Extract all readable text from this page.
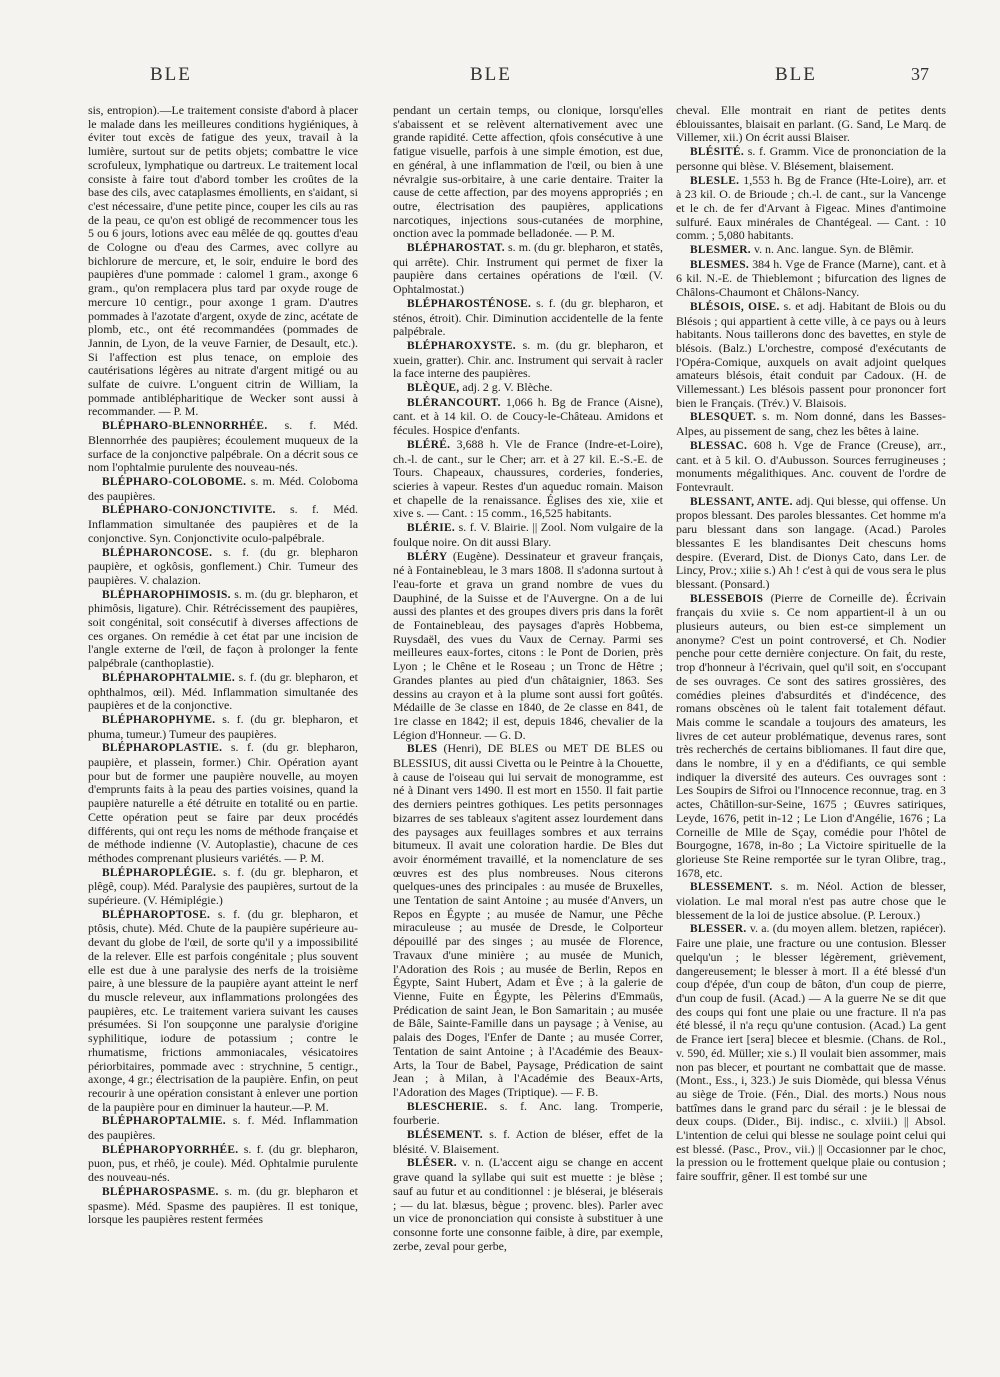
BLE	BLE	BLE	37

sis, entropion).—Le traitement consiste d'abord à placer le malade dans les meilleures conditions hygiéniques, à éviter tout excès de fatigue des yeux, travail à la lumière, surtout sur de petits objets; combattre le vice scrofuleux, lymphatique ou dartreux. Le traitement local consiste à faire tout d'abord tomber les croûtes de la base des cils, avec cataplasmes émollients, en s'aidant, si c'est nécessaire, d'une petite pince, couper les cils au ras de la peau, ce qu'on est obligé de recommencer tous les 5 ou 6 jours, lotions avec eau mêlée de qq. gouttes d'eau de Cologne ou d'eau des Carmes, avec collyre au bichlorure de mercure, et, le soir, enduire le bord des paupières d'une pommade : calomel 1 gram., axonge 6 gram., qu'on remplacera plus tard par oxyde rouge de mercure 10 centigr., pour axonge 1 gram. D'autres pommades à l'azotate d'argent, oxyde de zinc, acétate de plomb, etc., ont été recommandées (pommades de Jannin, de Lyon, de la veuve Farnier, de Desault, etc.). Si l'affection est plus tenace, on emploie des cautérisations légères au nitrate d'argent mitigé ou au sulfate de cuivre. L'onguent citrin de William, la pommade antiblépharitique de Wecker sont aussi à recommander. — P. M.

BLÉPHARO-BLENNORRHÉE. s. f. Méd. Blennorrhée des paupières; écoulement muqueux de la surface de la conjonctive palpébrale. On a décrit sous ce nom l'ophtalmie purulente des nouveau-nés.

BLÉPHARO-COLOBOME. s. m. Méd. Coloboma des paupières.

BLÉPHARO-CONJONCTIVITE. s. f. Méd. Inflammation simultanée des paupières et de la conjonctive. Syn. Conjonctivite oculo-palpébrale.

BLÉPHARONCOSE. s. f. (du gr. blepharon paupière, et ogkôsis, gonflement.) Chir. Tumeur des paupières. V. chalazion.

BLÉPHAROPHIMOSIS. s. m. (du gr. blepharon, et phimôsis, ligature). Chir. Rétrécissement des paupières, soit congénital, soit consécutif à diverses affections de ces organes. On remédie à cet état par une incision de l'angle externe de l'œil, de façon à prolonger la fente palpébrale (canthoplastie).

BLÉPHAROPHTALMIE. s. f. (du gr. blepharon, et ophthalmos, œil). Méd. Inflammation simultanée des paupières et de la conjonctive.

BLÉPHAROPHYME. s. f. (du gr. blepharon, et phuma, tumeur.) Tumeur des paupières.

BLÉPHAROPLASTIE. s. f. (du gr. blepharon, paupière, et plassein, former.) Chir. Opération ayant pour but de former une paupière nouvelle, au moyen d'emprunts faits à la peau des parties voisines, quand la paupière naturelle a été détruite en totalité ou en partie. Cette opération peut se faire par deux procédés différents, qui ont reçu les noms de méthode française et de méthode indienne (V. Autoplastie), chacune de ces méthodes comprenant plusieurs variétés. — P. M.

BLÉPHAROPLÉGIE. s. f. (du gr. blepharon, et plêgê, coup). Méd. Paralysie des paupières, surtout de la supérieure. (V. Hémiplégie.)

BLÉPHAROPTOSE. s. f. (du gr. blepharon, et ptôsis, chute). Méd. Chute de la paupière supérieure au-devant du globe de l'œil, de sorte qu'il y a impossibilité de la relever. Elle est parfois congénitale ; plus souvent elle est due à une paralysie des nerfs de la troisième paire, à une blessure de la paupière ayant atteint le nerf du muscle releveur, aux inflammations prolongées des paupières, etc. Le traitement variera suivant les causes présumées. Si l'on soupçonne une paralysie d'origine syphilitique, iodure de potassium ; contre le rhumatisme, frictions ammoniacales, vésicatoires périorbitaires, pommade avec : strychnine, 5 centigr., axonge, 4 gr.; électrisation de la paupière. Enfin, on peut recourir à une opération consistant à enlever une portion de la paupière pour en diminuer la hauteur.—P. M.

BLÉPHAROPTALMIE. s. f. Méd. Inflammation des paupières.

BLÉPHAROPYORRHÉE. s. f. (du gr. blepharon, puon, pus, et rhéô, je coule). Méd. Ophtalmie purulente des nouveau-nés.

BLÉPHAROSPASME. s. m. (du gr. blepharon et spasme). Méd. Spasme des paupières. Il est tonique, lorsque les paupières restent fermées

pendant un certain temps, ou clonique, lorsqu'elles s'abaissent et se relèvent alternativement avec une grande rapidité. Cette affection, qfois consécutive à une fatigue visuelle, parfois à une simple émotion, est due, en général, à une inflammation de l'œil, ou bien à une névralgie sus-orbitaire, à une carie dentaire. Traiter la cause de cette affection, par des moyens appropriés ; en outre, électrisation des paupières, applications narcotiques, injections sous-cutanées de morphine, onction avec la pommade belladonée. — P. M.

BLÉPHAROSTAT. s. m. (du gr. blepharon, et statês, qui arrête). Chir. Instrument qui permet de fixer la paupière dans certaines opérations de l'œil. (V. Ophtalmostat.)

BLÉPHAROSTÉNOSE. s. f. (du gr. blepharon, et sténos, étroit). Chir. Diminution accidentelle de la fente palpébrale.

BLÉPHAROXYSTE. s. m. (du gr. blepharon, et xuein, gratter). Chir. anc. Instrument qui servait à racler la face interne des paupières.

BLÈQUE, adj. 2 g. V. Blèche.

BLÉRANCOURT. 1,066 h. Bg de France (Aisne), cant. et à 14 kil. O. de Coucy-le-Château. Amidons et fécules. Hospice d'enfants.

BLÉRÉ. 3,688 h. Vle de France (Indre-et-Loire), ch.-l. de cant., sur le Cher; arr. et à 27 kil. E.-S.-E. de Tours. Chapeaux, chaussures, corderies, fonderies, scieries à vapeur. Restes d'un aqueduc romain. Maison et chapelle de la renaissance. Églises des xie, xiie et xive s. — Cant. : 15 comm., 16,525 habitants.

BLÉRIE. s. f. V. Blairie. || Zool. Nom vulgaire de la foulque noire. On dit aussi Blary.

BLÉRY (Eugène). Dessinateur et graveur français, né à Fontainebleau, le 3 mars 1808. Il s'adonna surtout à l'eau-forte et grava un grand nombre de vues du Dauphiné, de la Suisse et de l'Auvergne. On a de lui aussi des plantes et des groupes divers pris dans la forêt de Fontainebleau, des paysages d'après Hobbema, Ruysdaël, des vues du Vaux de Cernay. Parmi ses meilleures eaux-fortes, citons : le Pont de Dorien, près Lyon ; le Chêne et le Roseau ; un Tronc de Hêtre ; Grandes plantes au pied d'un châtaignier, 1863. Ses dessins au crayon et à la plume sont aussi fort goûtés. Médaille de 3e classe en 1840, de 2e classe en 841, de 1re classe en 1842; il est, depuis 1846, chevalier de la Légion d'Honneur. — G. D.

BLES (Henri), DE BLES ou MET DE BLES ou BLESSIUS, dit aussi Civetta ou le Peintre à la Chouette, à cause de l'oiseau qui lui servait de monogramme, est né à Dinant vers 1490. Il est mort en 1550. Il fait partie des derniers peintres gothiques. Les petits personnages bizarres de ses tableaux s'agitent assez lourdement dans des paysages aux feuillages sombres et aux terrains bitumeux. Il avait une coloration hardie. De Bles dut avoir énormément travaillé, et la nomenclature de ses œuvres est des plus nombreuses. Nous citerons quelques-unes des principales : au musée de Bruxelles, une Tentation de saint Antoine ; au musée d'Anvers, un Repos en Égypte ; au musée de Namur, une Pêche miraculeuse ; au musée de Dresde, le Colporteur dépouillé par des singes ; au musée de Florence, Travaux d'une minière ; au musée de Munich, l'Adoration des Rois ; au musée de Berlin, Repos en Égypte, Saint Hubert, Adam et Ève ; à la galerie de Vienne, Fuite en Égypte, les Pèlerins d'Emmaüs, Prédication de saint Jean, le Bon Samaritain ; au musée de Bâle, Sainte-Famille dans un paysage ; à Venise, au palais des Doges, l'Enfer de Dante ; au musée Correr, Tentation de saint Antoine ; à l'Académie des Beaux-Arts, la Tour de Babel, Paysage, Prédication de saint Jean ; à Milan, à l'Académie des Beaux-Arts, l'Adoration des Mages (Triptique). — F. B.

BLESCHERIE. s. f. Anc. lang. Tromperie, fourberie.

BLÉSEMENT. s. f. Action de bléser, effet de la blésité. V. Blaisement.

BLÉSER. v. n. (L'accent aigu se change en accent grave quand la syllabe qui suit est muette : je blèse ; sauf au futur et au conditionnel : je bléserai, je bléserais ; — du lat. blæsus, bègue ; provenc. bles). Parler avec un vice de prononciation qui consiste à substituer à une consonne forte une consonne faible, à dire, par exemple, zerbe, zeval pour gerbe,

cheval. Elle montrait en riant de petites dents éblouissantes, blaisait en parlant. (G. Sand, Le Marq. de Villemer, xii.) On écrit aussi Blaiser.

BLÉSITÉ. s. f. Gramm. Vice de prononciation de la personne qui blèse. V. Blésement, blaisement.

BLESLE. 1,553 h. Bg de France (Hte-Loire), arr. et à 23 kil. O. de Brioude ; ch.-l. de cant., sur la Vancenge et le ch. de fer d'Arvant à Figeac. Mines d'antimoine sulfuré. Eaux minérales de Chantégeal. — Cant. : 10 comm. ; 5,080 habitants.

BLESMER. v. n. Anc. langue. Syn. de Blêmir.

BLESMES. 384 h. Vge de France (Marne), cant. et à 6 kil. N.-E. de Thieblemont ; bifurcation des lignes de Châlons-Chaumont et Châlons-Nancy.

BLÉSOIS, OISE. s. et adj. Habitant de Blois ou du Blésois ; qui appartient à cette ville, à ce pays ou à leurs habitants. Nous taillerons donc des bavettes, en style de blésois. (Balz.) L'orchestre, composé d'exécutants de l'Opéra-Comique, auxquels on avait adjoint quelques amateurs blésois, était conduit par Cadoux. (H. de Villemessant.) Les blésois passent pour prononcer fort bien le Français. (Trév.) V. Blaisois.

BLESQUET. s. m. Nom donné, dans les Basses-Alpes, au pissement de sang, chez les bêtes à laine.

BLESSAC. 608 h. Vge de France (Creuse), arr., cant. et à 5 kil. O. d'Aubusson. Sources ferrugineuses ; monuments mégalithiques. Anc. couvent de l'ordre de Fontevrault.

BLESSANT, ANTE. adj. Qui blesse, qui offense. Un propos blessant. Des paroles blessantes. Cet homme m'a paru blessant dans son langage. (Acad.) Paroles blessantes E les blandisantes Deit chescuns homs despire. (Everard, Dist. de Dionys Cato, dans Ler. de Lincy, Prov.; xiiie s.) Ah ! c'est à qui de vous sera le plus blessant. (Ponsard.)

BLESSEBOIS (Pierre de Corneille de). Écrivain français du xviie s. Ce nom appartient-il à un ou plusieurs auteurs, ou bien est-ce simplement un anonyme? C'est un point controversé, et Ch. Nodier penche pour cette dernière conjecture. On fait, du reste, trop d'honneur à l'écrivain, quel qu'il soit, en s'occupant de ses ouvrages. Ce sont des satires grossières, des comédies pleines d'absurdités et d'indécence, des romans obscènes où le talent fait totalement défaut. Mais comme le scandale a toujours des amateurs, les livres de cet auteur problématique, devenus rares, sont très recherchés de certains bibliomanes. Il faut dire que, dans le nombre, il y en a d'édifiants, ce qui semble indiquer la diversité des auteurs. Ces ouvrages sont : Les Soupirs de Sifroi ou l'Innocence reconnue, trag. en 3 actes, Châtillon-sur-Seine, 1675 ; Œuvres satiriques, Leyde, 1676, petit in-12 ; Le Lion d'Angélie, 1676 ; La Corneille de Mlle de Sçay, comédie pour l'hôtel de Bourgogne, 1678, in-8o ; La Victoire spirituelle de la glorieuse Ste Reine remportée sur le tyran Olibre, trag., 1678, etc.

BLESSEMENT. s. m. Néol. Action de blesser, violation. Le mal moral n'est pas autre chose que le blessement de la loi de justice absolue. (P. Leroux.)

BLESSER. v. a. (du moyen allem. bletzen, rapiécer). Faire une plaie, une fracture ou une contusion. Blesser quelqu'un ; le blesser légèrement, grièvement, dangereusement; le blesser à mort. Il a été blessé d'un coup d'épée, d'un coup de bâton, d'un coup de pierre, d'un coup de fusil. (Acad.) — A la guerre Ne se dit que des coups qui font une plaie ou une fracture. Il n'a pas été blessé, il n'a reçu qu'une contusion. (Acad.) La gent de France iert [sera] blecee et blesmie. (Chans. de Rol., v. 590, éd. Müller; xie s.) Il voulait bien assommer, mais non pas blecer, et pourtant ne combattait que de masse. (Mont., Ess., i, 323.) Je suis Diomède, qui blessa Vénus au siège de Troie. (Fén., Dial. des morts.) Nous nous battîmes dans le grand parc du sérail : je le blessai de deux coups. (Dider., Bij. indisc., c. xlviii.) || Absol. L'intention de celui qui blesse ne soulage point celui qui est blessé. (Pasc., Prov., vii.) || Occasionner par le choc, la pression ou le frottement quelque plaie ou contusion ; faire souffrir, gêner. Il est tombé sur une
